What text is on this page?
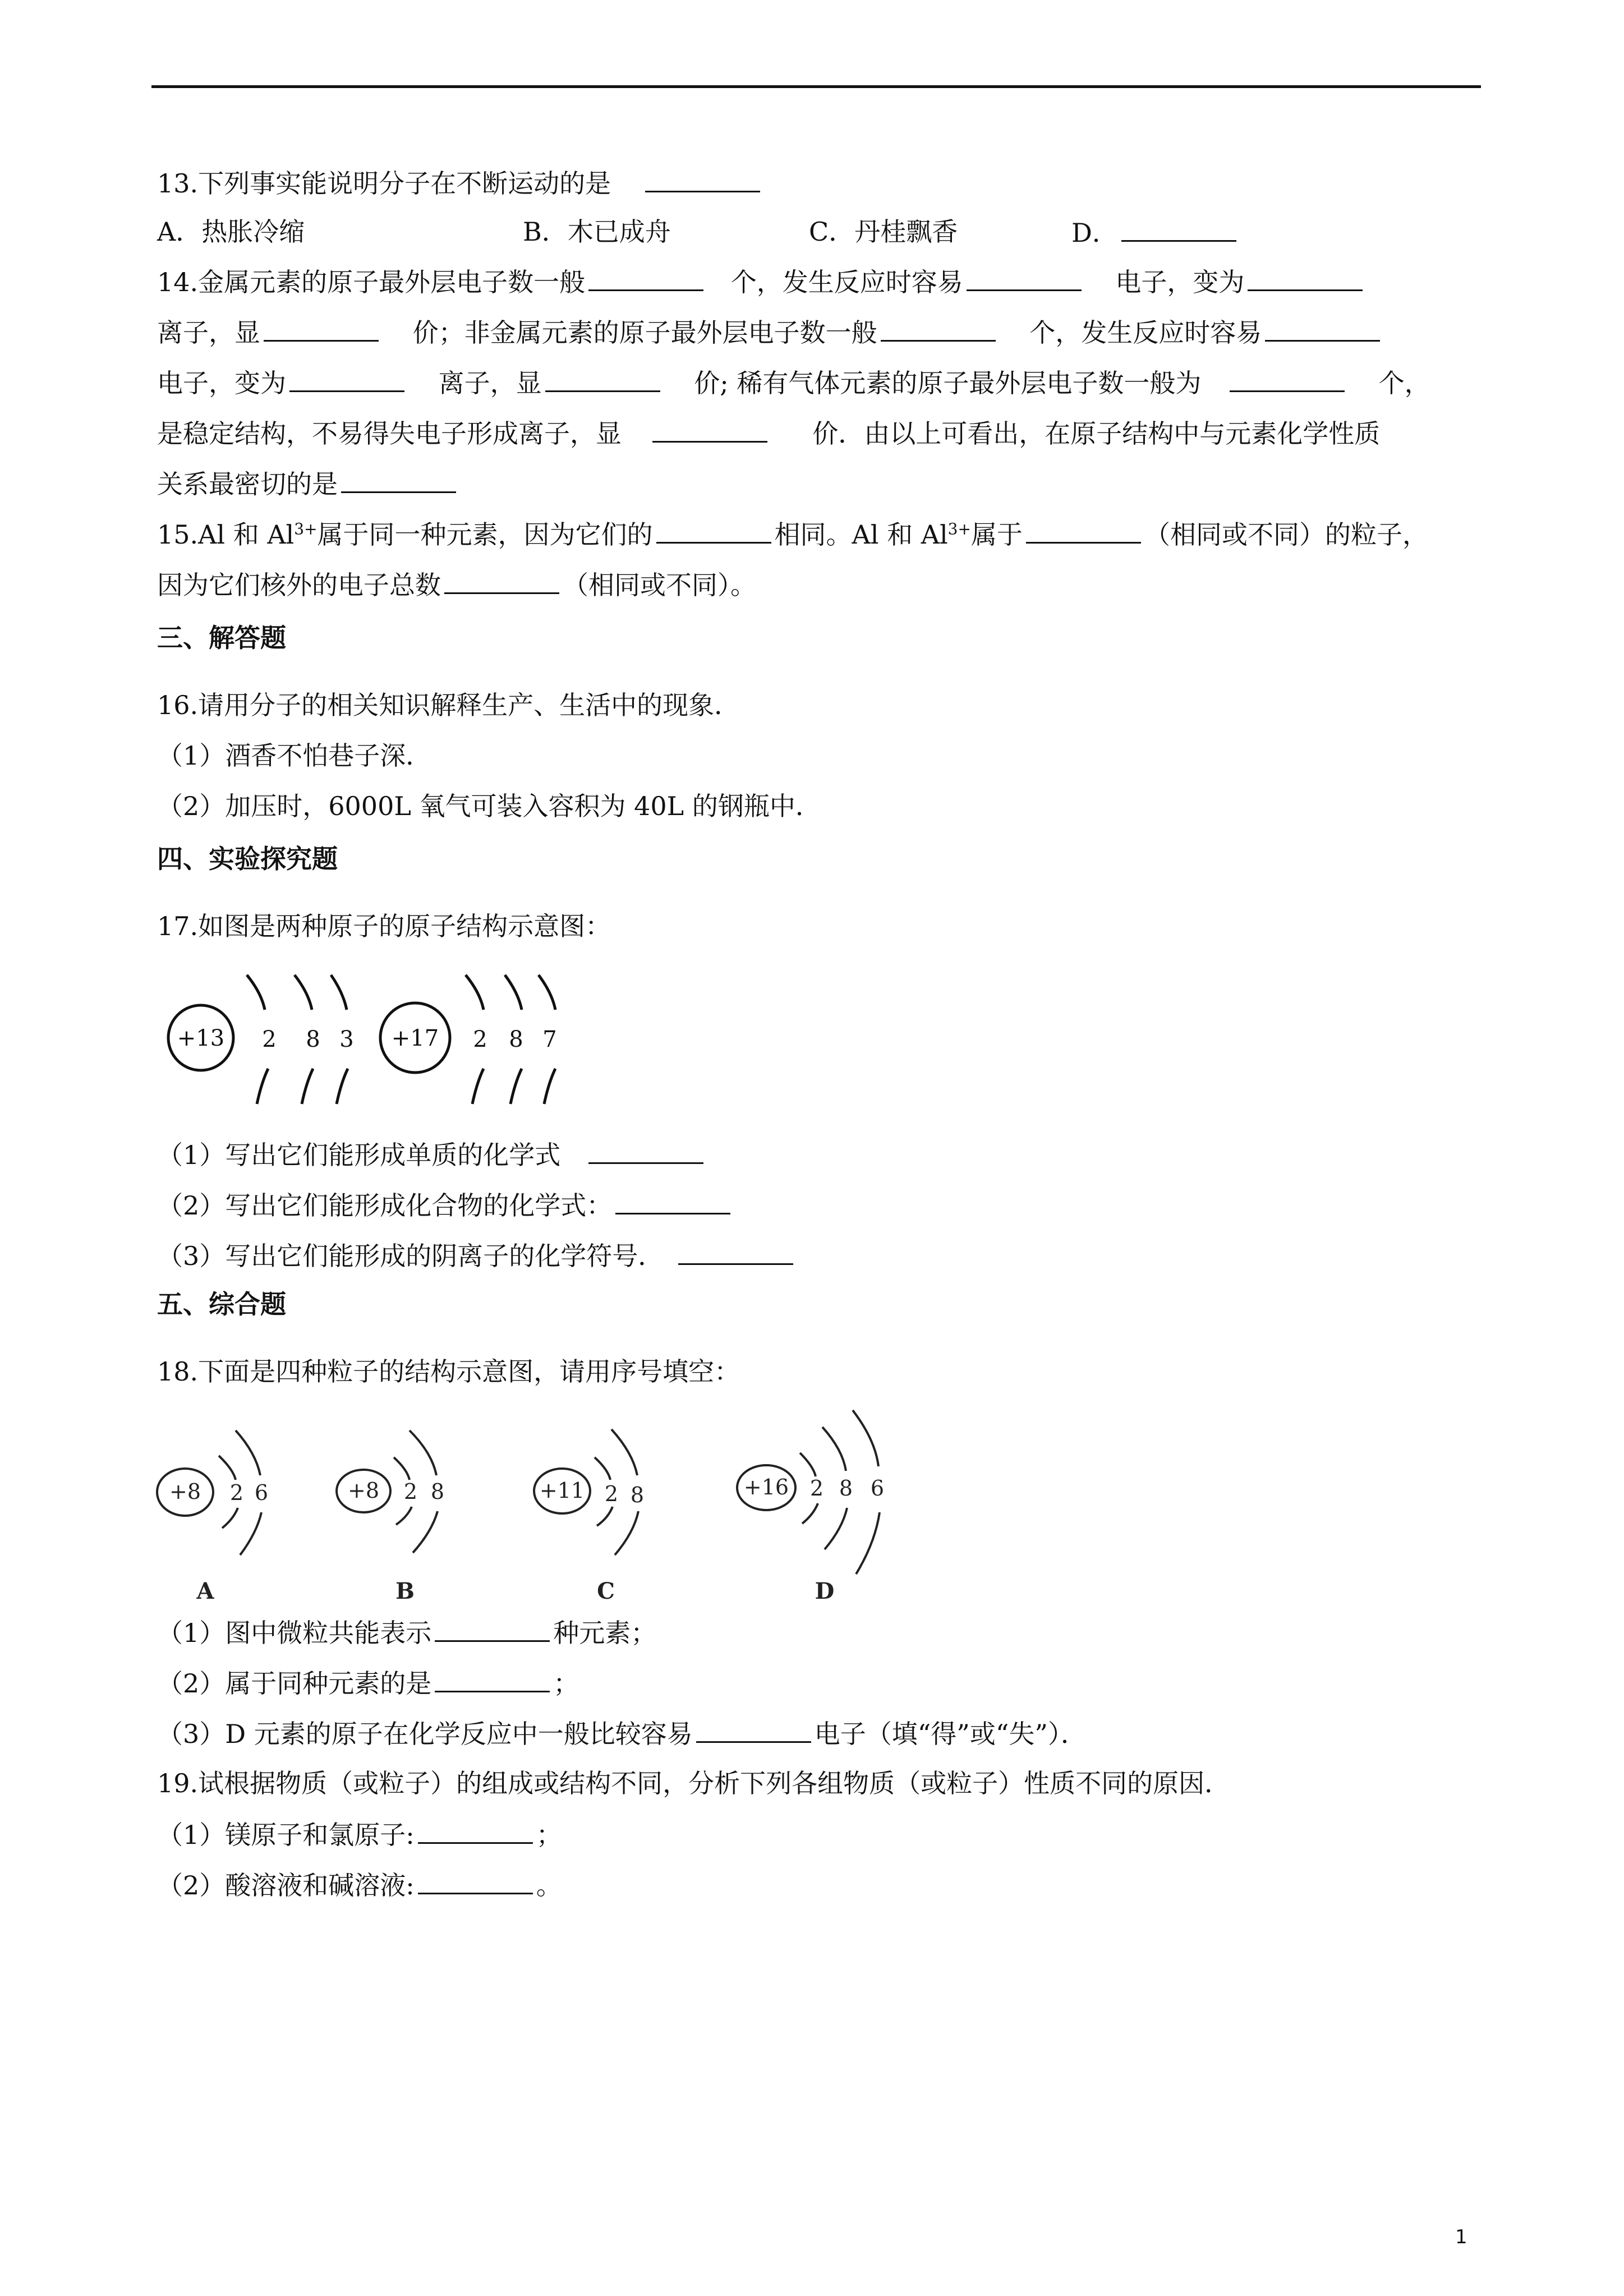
13.下列事实能说明分子在不断运动的是
A．热胀冷缩	B．木已成舟	C．丹桂飘香	D．
14.金属元素的原子最外层电子数一般	个，发生反应时容易	电子，变为
离子，显	价；非金属元素的原子最外层电子数一般	个，发生反应时容易
电子，变为	离子，显	价; 稀有气体元素的原子最外层电子数一般为	个，
是稳定结构，不易得失电子形成离子，显	价．由以上可看出，在原子结构中与元素化学性质
关系最密切的是
15.Al 和 $Al^{3+}$属于同一种元素，因为它们的	相同。Al 和 $Al^{3+}$属于	（相同或不同）的粒子，
因为它们核外的电子总数	（相同或不同）。
三、解答题
16.请用分子的相关知识解释生产、生活中的现象．
（1）酒香不怕巷子深．
（2）加压时，6000L 氧气可装入容积为 40L 的钢瓶中．
四、实验探究题
17.如图是两种原子的原子结构示意图：
+13 2 8 3 +17 2 8 7
（1）写出它们能形成单质的化学式
（2）写出它们能形成化合物的化学式：
（3）写出它们能形成的阴离子的化学符号．
五、综合题
18.下面是四种粒子的结构示意图，请用序号填空：
+8 2 6	+8 2 8	+11 2 8	+16 2 8 6
A	B	C	D
（1）图中微粒共能表示	种元素；
（2）属于同种元素的是	；
（3）D 元素的原子在化学反应中一般比较容易	电子（填“得”或“失”）．
19.试根据物质（或粒子）的组成或结构不同，分析下列各组物质（或粒子）性质不同的原因．
（1）镁原子和氯原子:	；
（2）酸溶液和碱溶液:	。
1
